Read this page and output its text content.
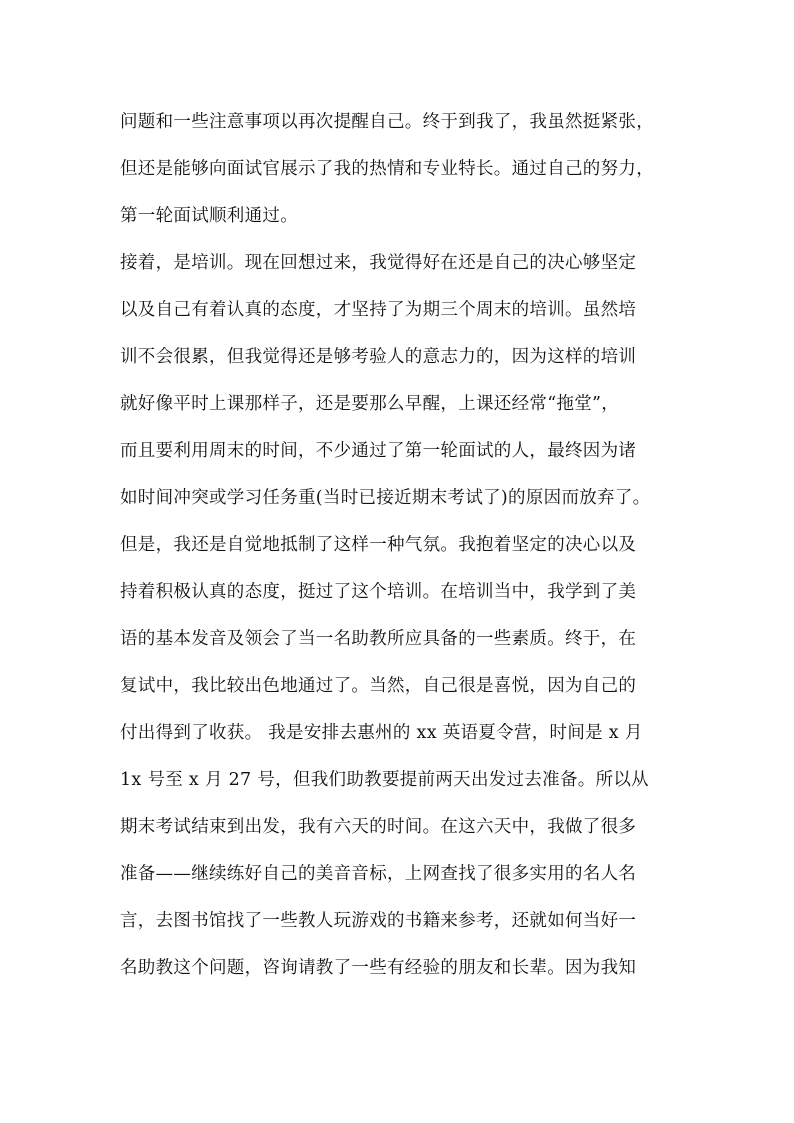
问题和一些注意事项以再次提醒自己。终于到我了，我虽然挺紧张，
但还是能够向面试官展示了我的热情和专业特长。通过自己的努力，
第一轮面试顺利通过。
接着，是培训。现在回想过来，我觉得好在还是自己的决心够坚定
以及自己有着认真的态度，才坚持了为期三个周末的培训。虽然培
训不会很累，但我觉得还是够考验人的意志力的，因为这样的培训
就好像平时上课那样子，还是要那么早醒，上课还经常“拖堂”，
而且要利用周末的时间，不少通过了第一轮面试的人，最终因为诸
如时间冲突或学习任务重(当时已接近期末考试了)的原因而放弃了。
但是，我还是自觉地抵制了这样一种气氛。我抱着坚定的决心以及
持着积极认真的态度，挺过了这个培训。在培训当中，我学到了美
语的基本发音及领会了当一名助教所应具备的一些素质。终于，在
复试中，我比较出色地通过了。当然，自己很是喜悦，因为自己的
付出得到了收获。 我是安排去惠州的 xx 英语夏令营，时间是 x 月
1x 号至 x 月 27 号，但我们助教要提前两天出发过去准备。所以从
期末考试结束到出发，我有六天的时间。在这六天中，我做了很多
准备——继续练好自己的美音音标，上网查找了很多实用的名人名
言，去图书馆找了一些教人玩游戏的书籍来参考，还就如何当好一
名助教这个问题，咨询请教了一些有经验的朋友和长辈。因为我知
